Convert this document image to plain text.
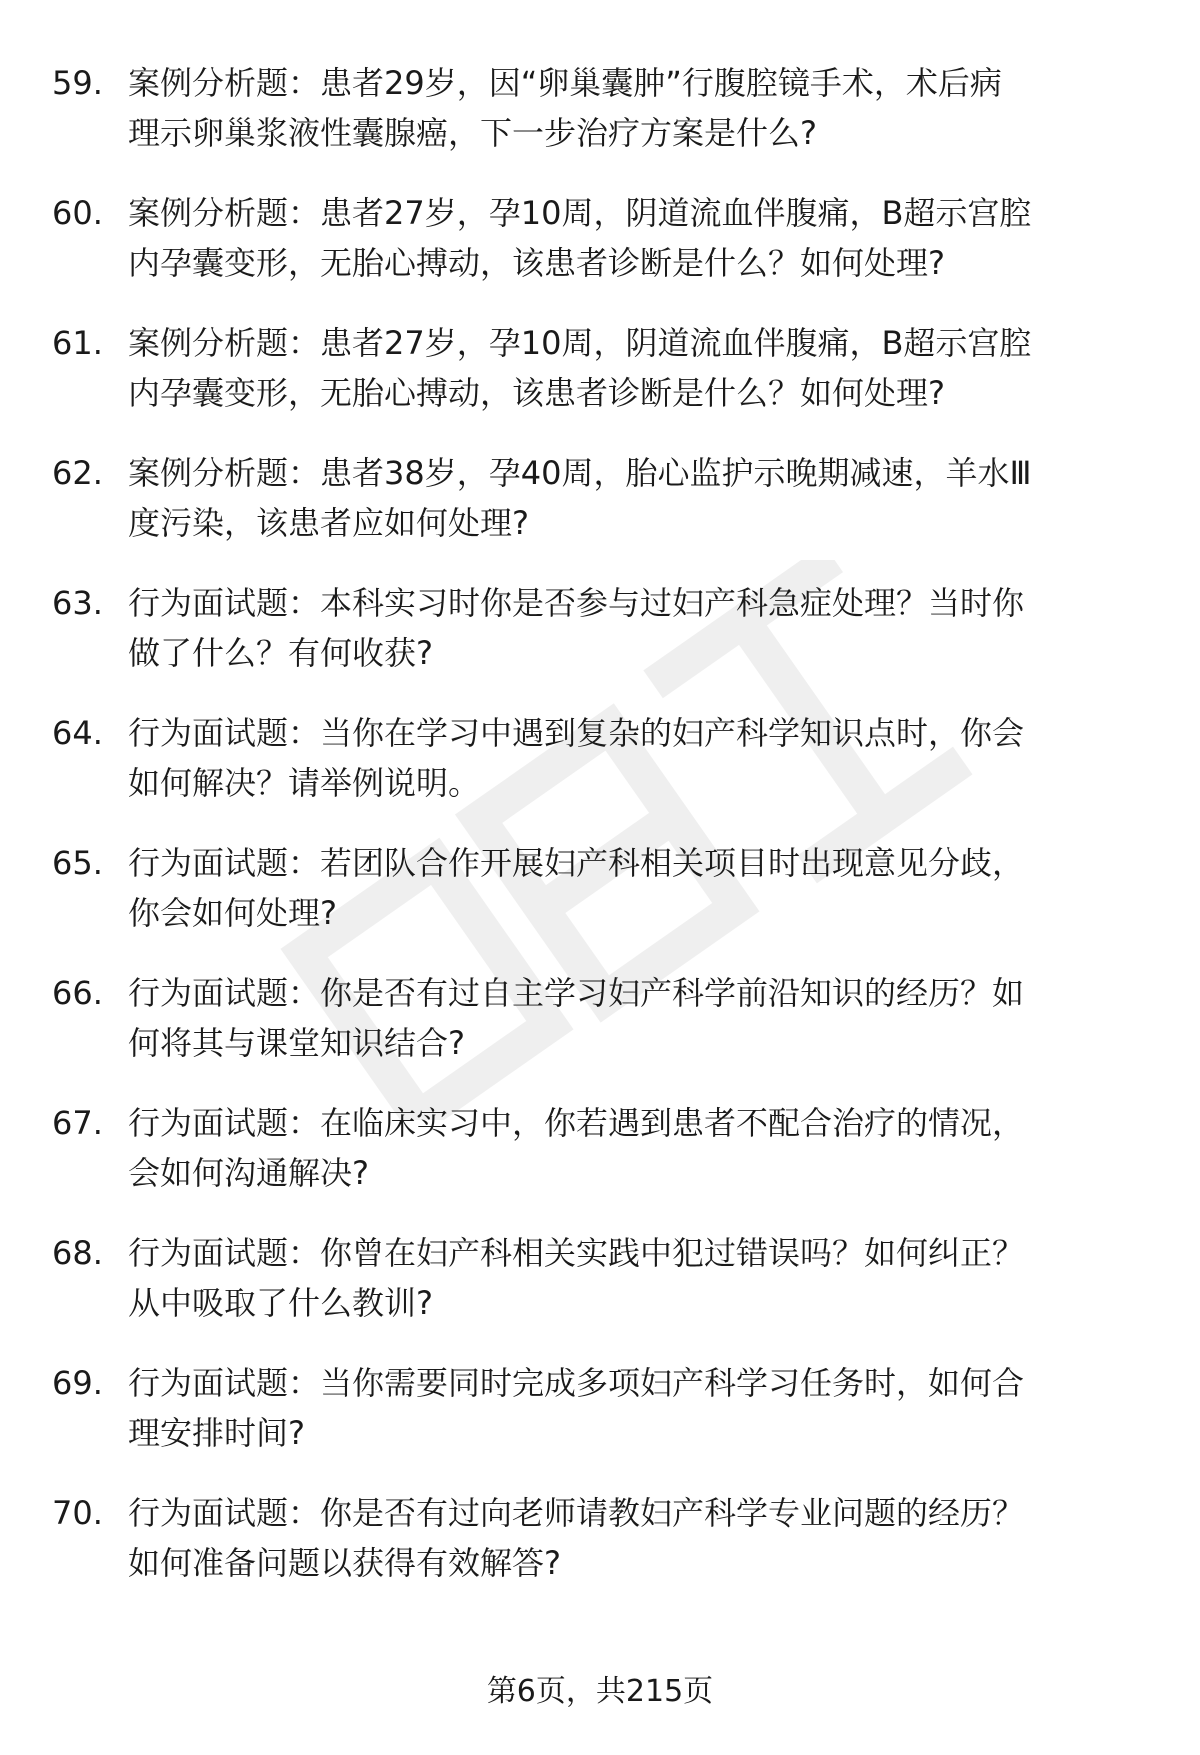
59. 案例分析题：患者29岁，因“卵巢囊肿”行腹腔镜手术，术后病
理示卵巢浆液性囊腺癌，下一步治疗方案是什么?
60. 案例分析题：患者27岁，孕10周，阴道流血伴腹痛，B超示宫腔
内孕囊变形，无胎心搏动，该患者诊断是什么？如何处理?
61. 案例分析题：患者27岁，孕10周，阴道流血伴腹痛，B超示宫腔
内孕囊变形，无胎心搏动，该患者诊断是什么？如何处理?
62. 案例分析题：患者38岁，孕40周，胎心监护示晚期减速，羊水Ⅲ
度污染，该患者应如何处理?
63. 行为面试题：本科实习时你是否参与过妇产科急症处理？当时你
做了什么？有何收获?
64. 行为面试题：当你在学习中遇到复杂的妇产科学知识点时，你会
如何解决？请举例说明。
65. 行为面试题：若团队合作开展妇产科相关项目时出现意见分歧，
你会如何处理?
66. 行为面试题：你是否有过自主学习妇产科学前沿知识的经历？如
何将其与课堂知识结合?
67. 行为面试题：在临床实习中，你若遇到患者不配合治疗的情况，
会如何沟通解决?
68. 行为面试题：你曾在妇产科相关实践中犯过错误吗？如何纠正？
从中吸取了什么教训?
69. 行为面试题：当你需要同时完成多项妇产科学习任务时，如何合
理安排时间?
70. 行为面试题：你是否有过向老师请教妇产科学专业问题的经历？
如何准备问题以获得有效解答?
第6页，共215页
